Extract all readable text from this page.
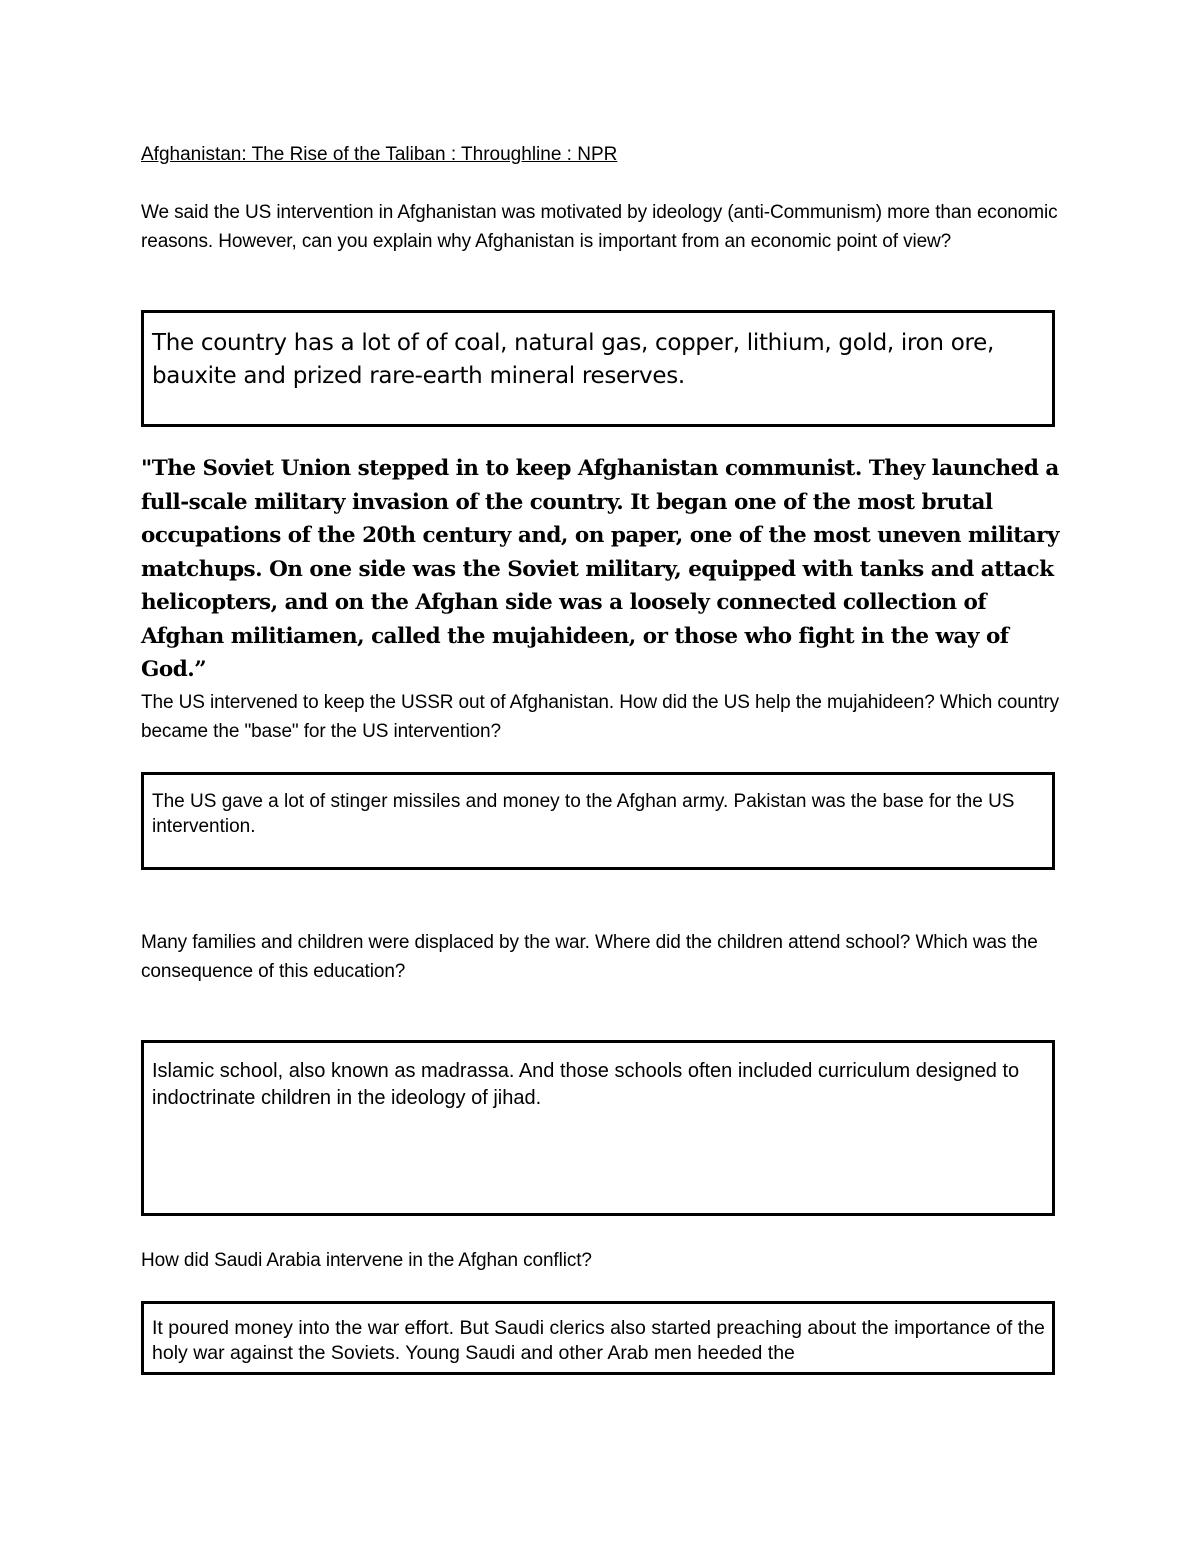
Afghanistan: The Rise of the Taliban : Throughline : NPR
We said the US intervention in Afghanistan was motivated by ideology (anti-Communism) more than economic reasons. However, can you explain why Afghanistan is important from an economic point of view?
The country has a lot of of coal, natural gas, copper, lithium, gold, iron ore, bauxite and prized rare-earth mineral reserves.
"The Soviet Union stepped in to keep Afghanistan communist. They launched a full-scale military invasion of the country. It began one of the most brutal occupations of the 20th century and, on paper, one of the most uneven military matchups. On one side was the Soviet military, equipped with tanks and attack helicopters, and on the Afghan side was a loosely connected collection of Afghan militiamen, called the mujahideen, or those who fight in the way of God.”
The US intervened to keep the USSR out of Afghanistan. How did the US help the mujahideen? Which country became the "base" for the US intervention?
The US gave a lot of stinger missiles and money to the Afghan army. Pakistan was the base for the US intervention.
Many families and children were displaced by the war. Where did the children attend school? Which was the consequence of this education?
Islamic school, also known as madrassa. And those schools often included curriculum designed to indoctrinate children in the ideology of jihad.
How did Saudi Arabia intervene in the Afghan conflict?
It poured money into the war effort. But Saudi clerics also started preaching about the importance of the holy war against the Soviets. Young Saudi and other Arab men heeded the
